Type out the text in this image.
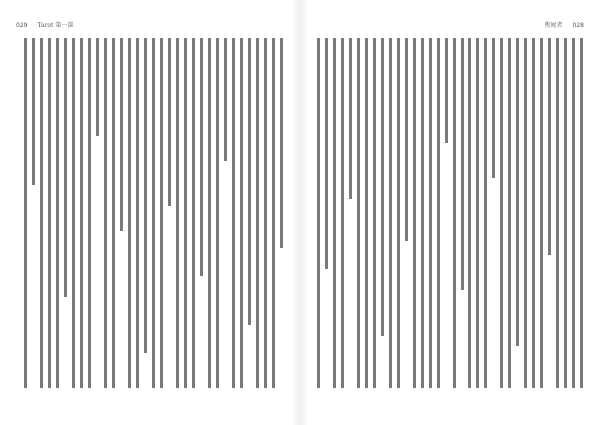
029 Tarot 第一部	焦屍者 028
